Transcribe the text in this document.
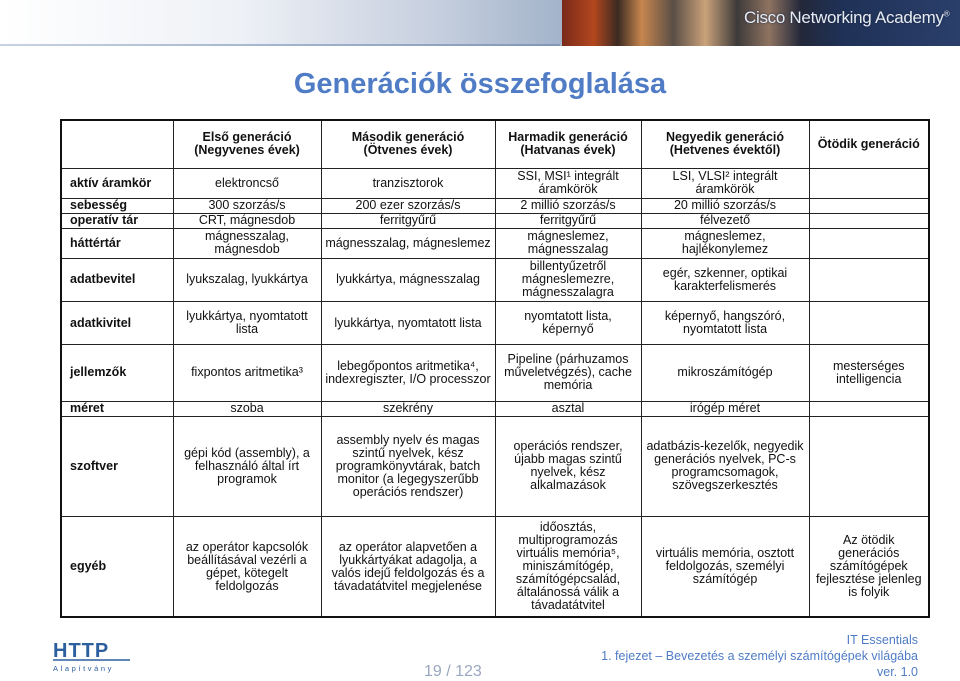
Cisco Networking Academy®
Generációk összefoglalása
	Első generáció (Negyvenes évek)	Második generáció (Ötvenes évek)	Harmadik generáció (Hatvanas évek)	Negyedik generáció (Hetvenes évektől)	Ötödik generáció
aktív áramkör	elektroncső	tranzisztorok	SSI, MSI¹ integrált áramkörök	LSI, VLSI² integrált áramkörök	
sebesség	300 szorzás/s	200 ezer szorzás/s	2 millió szorzás/s	20 millió szorzás/s	
operatív tár	CRT, mágnesdob	ferritgyűrű	ferritgyűrű	félvezető	
háttértár	mágnesszalag, mágnesdob	mágnesszalag, mágneslemez	mágneslemez, mágnesszalag	mágneslemez, hajlékonylemez	
adatbevitel	lyukszalag, lyukkártya	lyukkártya, mágnesszalag	billentyűzetről mágneslemezre, mágnesszalagra	egér, szkenner, optikai karakterfelismerés	
adatkivitel	lyukkártya, nyomtatott lista	lyukkártya, nyomtatott lista	nyomtatott lista, képernyő	képernyő, hangszóró, nyomtatott lista	
jellemzők	fixpontos aritmetika³	lebegőpontos aritmetika⁴, indexregiszter, I/O processzor	Pipeline (párhuzamos műveletvégzés), cache memória	mikroszámítógép	mesterséges intelligencia
méret	szoba	szekrény	asztal	irógép méret	
szoftver	gépi kód (assembly), a felhasználó által írt programok	assembly nyelv és magas szintű nyelvek, kész programkönyvtárak, batch monitor (a legegyszerűbb operációs rendszer)	operációs rendszer, újabb magas szintű nyelvek, kész alkalmazások	adatbázis-kezelők, negyedik generációs nyelvek, PC-s programcsomagok, szövegszerkesztés	
egyéb	az operátor kapcsolók beállításával vezérli a gépet, kötegelt feldolgozás	az operátor alapvetően a lyukkártyákat adagolja, a valós idejű feldolgozás és a távadatátvitel megjelenése	időosztás, multiprogramozás virtuális memória⁵, miniszámítógép, számítógépcsalád, általánossá válik a távadatátvitel	virtuális memória, osztott feldolgozás, személyi számítógép	Az ötödik generációs számítógépek fejlesztése jelenleg is folyik
HTTP
Alapítvány	19 / 123
IT Essentials
1. fejezet – Bevezetés a személyi számítógépek világába
ver. 1.0
